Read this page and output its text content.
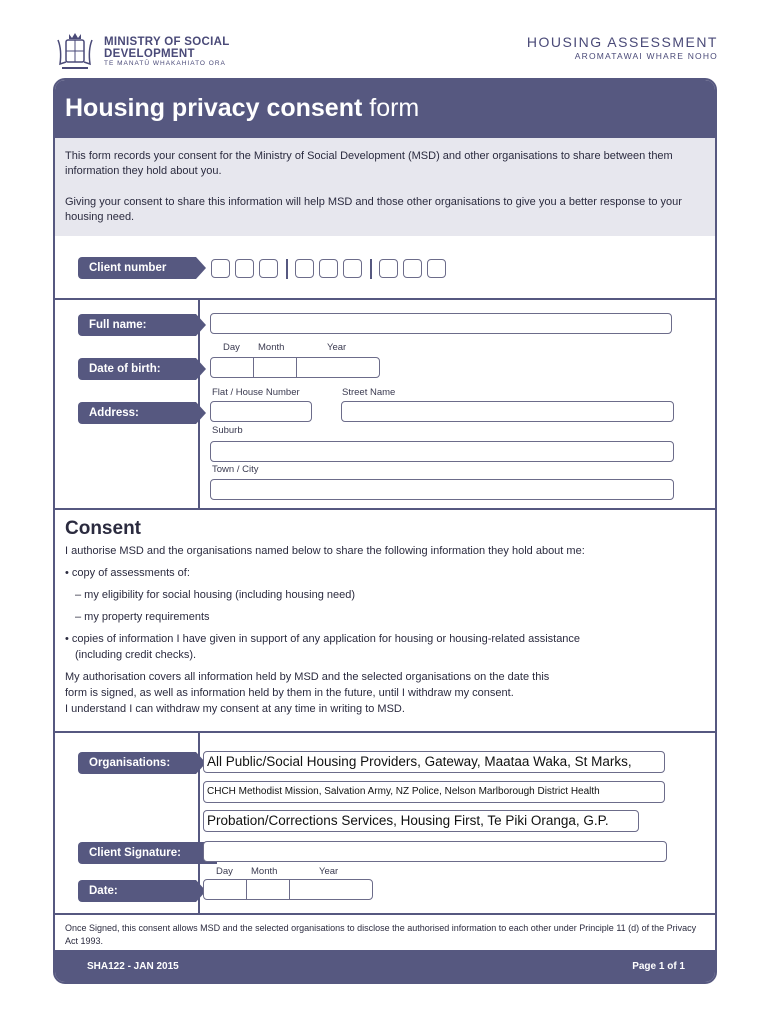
MINISTRY OF SOCIAL
DEVELOPMENT
TE MANATŪ WHAKAHIATO ORA
HOUSING ASSESSMENT
AROMATAWAI WHARE NOHO
Housing privacy consent form
This form records your consent for the Ministry of Social Development (MSD) and other organisations to share between them information they hold about you.
Giving your consent to share this information will help MSD and those other organisations to give you a better response to your housing need.
Client number
Full name:
Day Month	Year
Date of birth:
Flat / House Number	Street Name
Address:
Suburb
Town / City
Consent
I authorise MSD and the organisations named below to share the following information they hold about me:
• copy of assessments of:
– my eligibility for social housing (including housing need)
– my property requirements
• copies of information I have given in support of any application for housing or housing-related assistance
(including credit checks).
My authorisation covers all information held by MSD and the selected organisations on the date this
form is signed, as well as information held by them in the future, until I withdraw my consent.
I understand I can withdraw my consent at any time in writing to MSD.
Organisations:	All Public/Social Housing Providers, Gateway, Maataa Waka, St Marks,
CHCH Methodist Mission, Salvation Army, NZ Police, Nelson Marlborough District Health
Probation/Corrections Services, Housing First, Te Piki Oranga, G.P.
Client Signature:
Day Month	Year
Date:
Once Signed, this consent allows MSD and the selected organisations to disclose the authorised information to each other under Principle 11 (d) of the Privacy Act 1993.
SHA122 - JAN 2015	Page 1 of 1
